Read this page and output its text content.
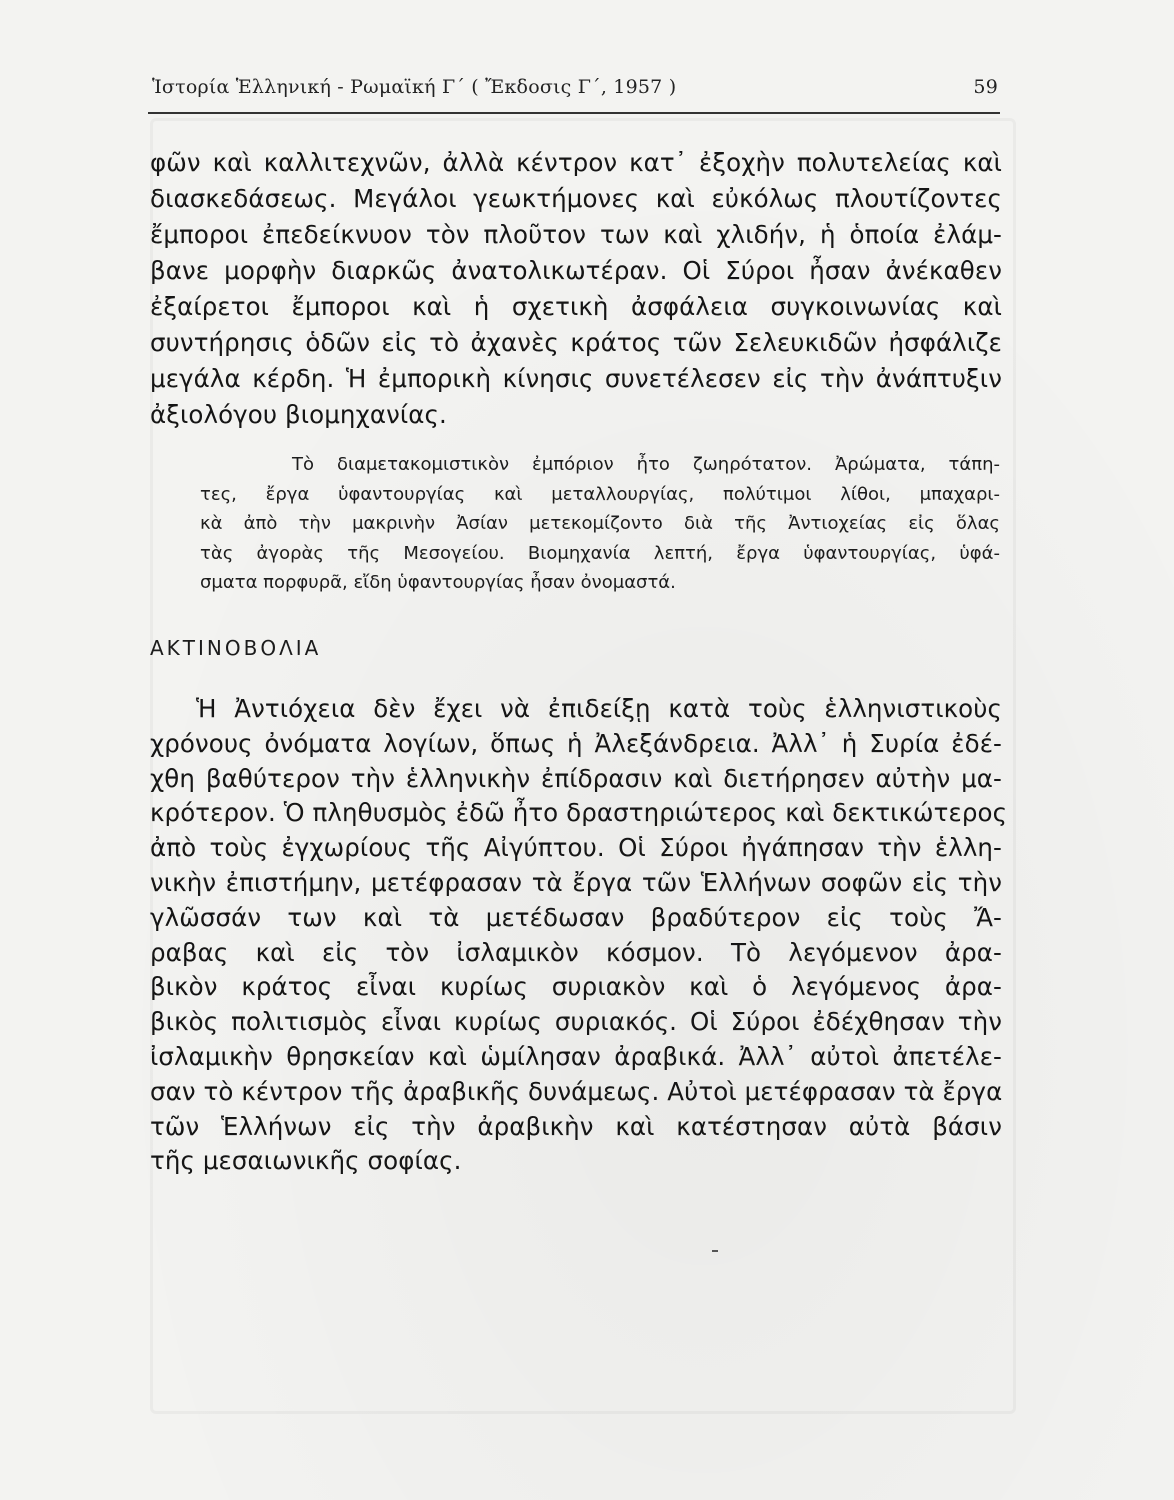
Ἱστορία Ἑλληνική - Ρωμαϊκή Γ΄ ( Ἔκδοσις Γ΄, 1957 )	59
φῶν καὶ καλλιτεχνῶν, ἀλλὰ κέντρον κατ᾿ ἐξοχὴν πολυτελείας καὶ
διασκεδάσεως. Μεγάλοι γεωκτήμονες καὶ εὐκόλως πλουτίζοντες
ἔμποροι ἐπεδείκνυον τὸν πλοῦτον των καὶ χλιδήν, ἡ ὁποία ἐλάμ-
βανε μορφὴν διαρκῶς ἀνατολικωτέραν. Οἱ Σύροι ἦσαν ἀνέκαθεν
ἐξαίρετοι ἔμποροι καὶ ἡ σχετικὴ ἀσφάλεια συγκοινωνίας καὶ
συντήρησις ὁδῶν εἰς τὸ ἀχανὲς κράτος τῶν Σελευκιδῶν ἠσφάλιζε
μεγάλα κέρδη. Ἡ ἐμπορικὴ κίνησις συνετέλεσεν εἰς τὴν ἀνάπτυξιν
ἀξιολόγου βιομηχανίας.
Τὸ διαμετακομιστικὸν ἐμπόριον ἦτο ζωηρότατον. Ἀρώματα, τάπη-
τες, ἔργα ὑφαντουργίας καὶ μεταλλουργίας, πολύτιμοι λίθοι, μπαχαρι-
κὰ ἀπὸ τὴν μακρινὴν Ἀσίαν μετεκομίζοντο διὰ τῆς Ἀντιοχείας εἰς ὅλας
τὰς ἀγορὰς τῆς Μεσογείου. Βιομηχανία λεπτή, ἔργα ὑφαντουργίας, ὑφά-
σματα πορφυρᾶ, εἴδη ὑφαντουργίας ἦσαν ὀνομαστά.
ΑΚΤΙΝΟΒΟΛΙΑ
Ἡ Ἀντιόχεια δὲν ἔχει νὰ ἐπιδείξῃ κατὰ τοὺς ἑλληνιστικοὺς
χρόνους ὀνόματα λογίων, ὅπως ἡ Ἀλεξάνδρεια. Ἀλλ᾿ ἡ Συρία ἐδέ-
χθη βαθύτερον τὴν ἑλληνικὴν ἐπίδρασιν καὶ διετήρησεν αὐτὴν μα-
κρότερον. Ὁ πληθυσμὸς ἐδῶ ἦτο δραστηριώτερος καὶ δεκτικώτερος
ἀπὸ τοὺς ἐγχωρίους τῆς Αἰγύπτου. Οἱ Σύροι ἠγάπησαν τὴν ἑλλη-
νικὴν ἐπιστήμην, μετέφρασαν τὰ ἔργα τῶν Ἑλλήνων σοφῶν εἰς τὴν
γλῶσσάν των καὶ τὰ μετέδωσαν βραδύτερον εἰς τοὺς Ἄ-
ραβας καὶ εἰς τὸν ἰσλαμικὸν κόσμον. Τὸ λεγόμενον ἀρα-
βικὸν κράτος εἶναι κυρίως συριακὸν καὶ ὁ λεγόμενος ἀρα-
βικὸς πολιτισμὸς εἶναι κυρίως συριακός. Οἱ Σύροι ἐδέχθησαν τὴν
ἰσλαμικὴν θρησκείαν καὶ ὡμίλησαν ἀραβικά. Ἀλλ᾿ αὐτοὶ ἀπετέλε-
σαν τὸ κέντρον τῆς ἀραβικῆς δυνάμεως. Αὐτοὶ μετέφρασαν τὰ ἔργα
τῶν Ἑλλήνων εἰς τὴν ἀραβικὴν καὶ κατέστησαν αὐτὰ βάσιν
τῆς μεσαιωνικῆς σοφίας.
